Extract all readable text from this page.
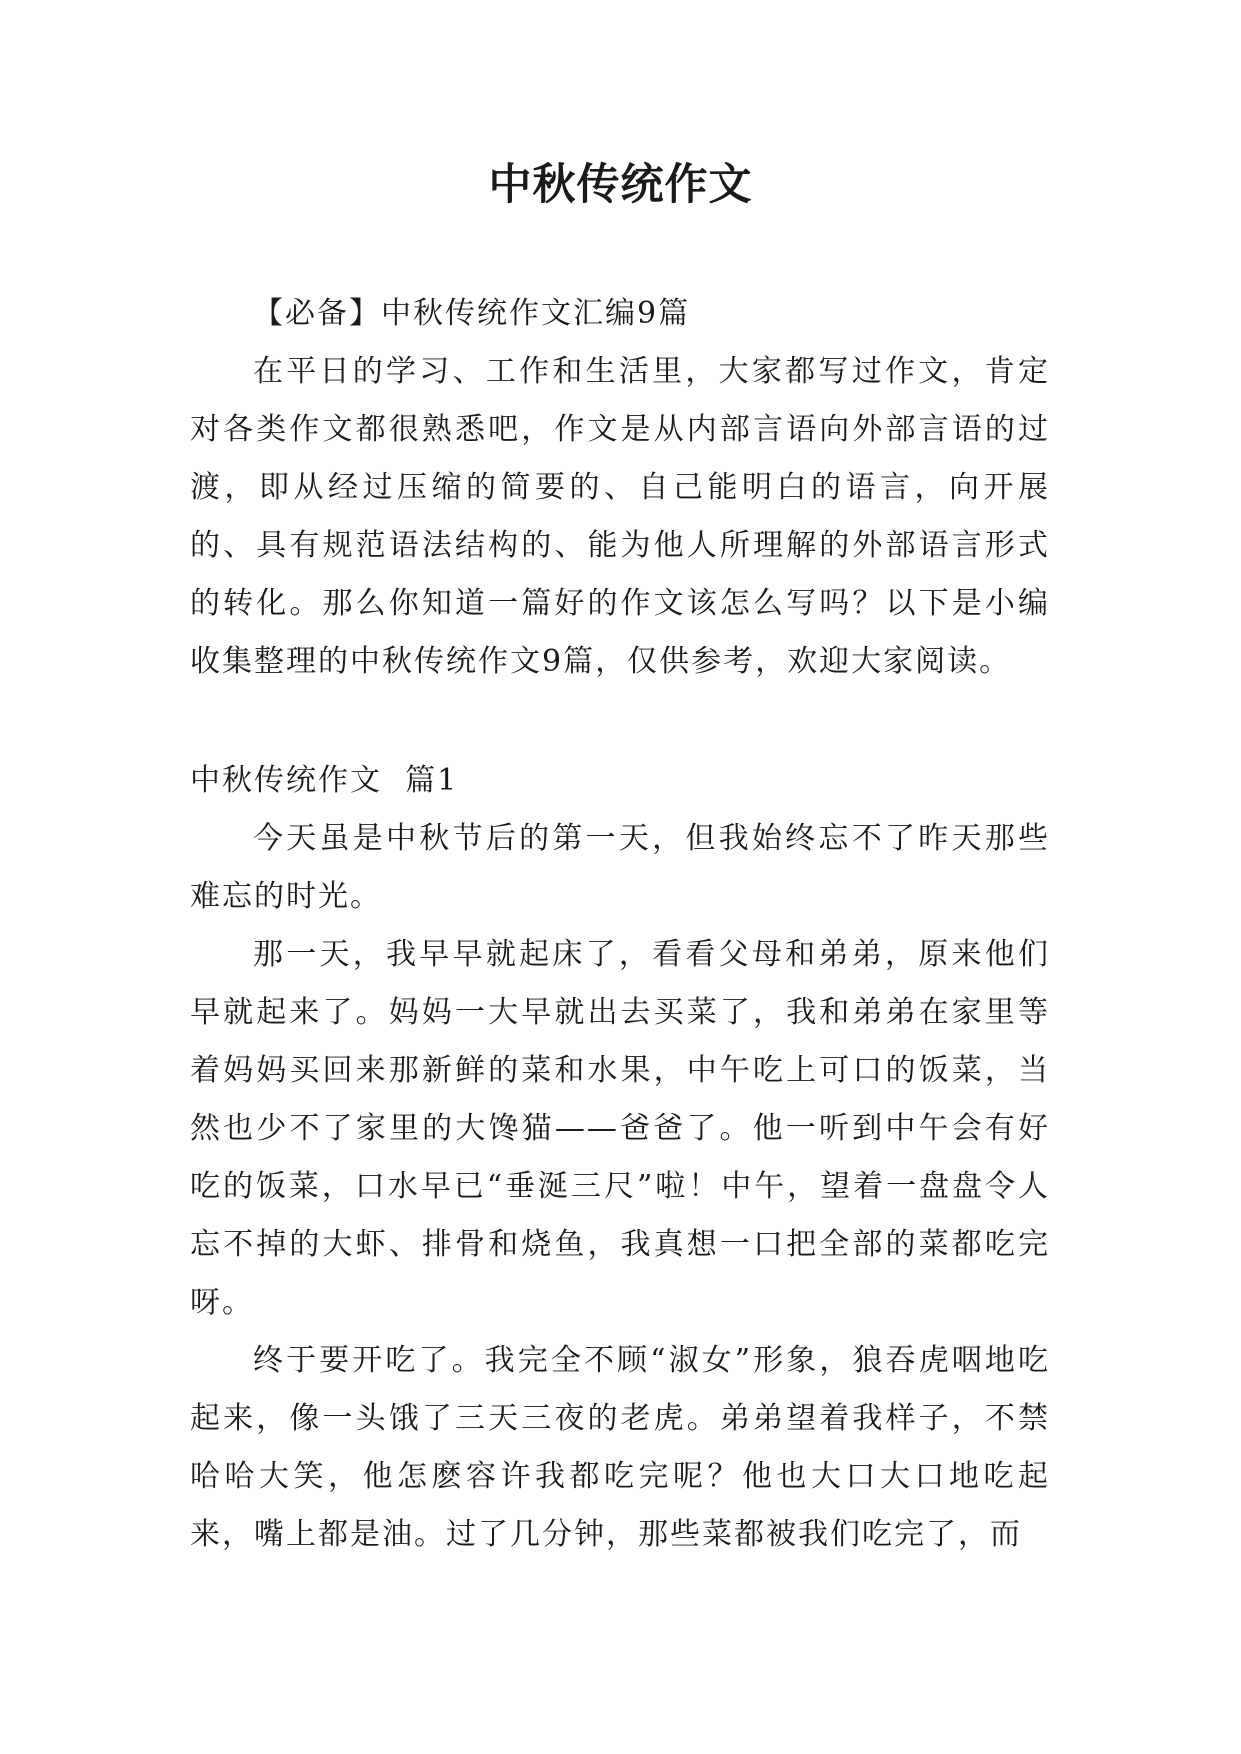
中秋传统作文

【必备】中秋传统作文汇编9篇

在平日的学习、工作和生活里，大家都写过作文，肯定对各类作文都很熟悉吧，作文是从内部言语向外部言语的过渡，即从经过压缩的简要的、自己能明白的语言，向开展的、具有规范语法结构的、能为他人所理解的外部语言形式的转化。那么你知道一篇好的作文该怎么写吗？以下是小编收集整理的中秋传统作文9篇，仅供参考，欢迎大家阅读。

中秋传统作文  篇1

今天虽是中秋节后的第一天，但我始终忘不了昨天那些难忘的时光。

那一天，我早早就起床了，看看父母和弟弟，原来他们早就起来了。妈妈一大早就出去买菜了，我和弟弟在家里等着妈妈买回来那新鲜的菜和水果，中午吃上可口的饭菜，当然也少不了家里的大馋猫——爸爸了。他一听到中午会有好吃的饭菜，口水早已“垂涎三尺”啦！中午，望着一盘盘令人忘不掉的大虾、排骨和烧鱼，我真想一口把全部的菜都吃完呀。

终于要开吃了。我完全不顾“淑女”形象，狼吞虎咽地吃起来，像一头饿了三天三夜的老虎。弟弟望着我样子，不禁哈哈大笑，他怎麽容许我都吃完呢？他也大口大口地吃起来，嘴上都是油。过了几分钟，那些菜都被我们吃完了，而
